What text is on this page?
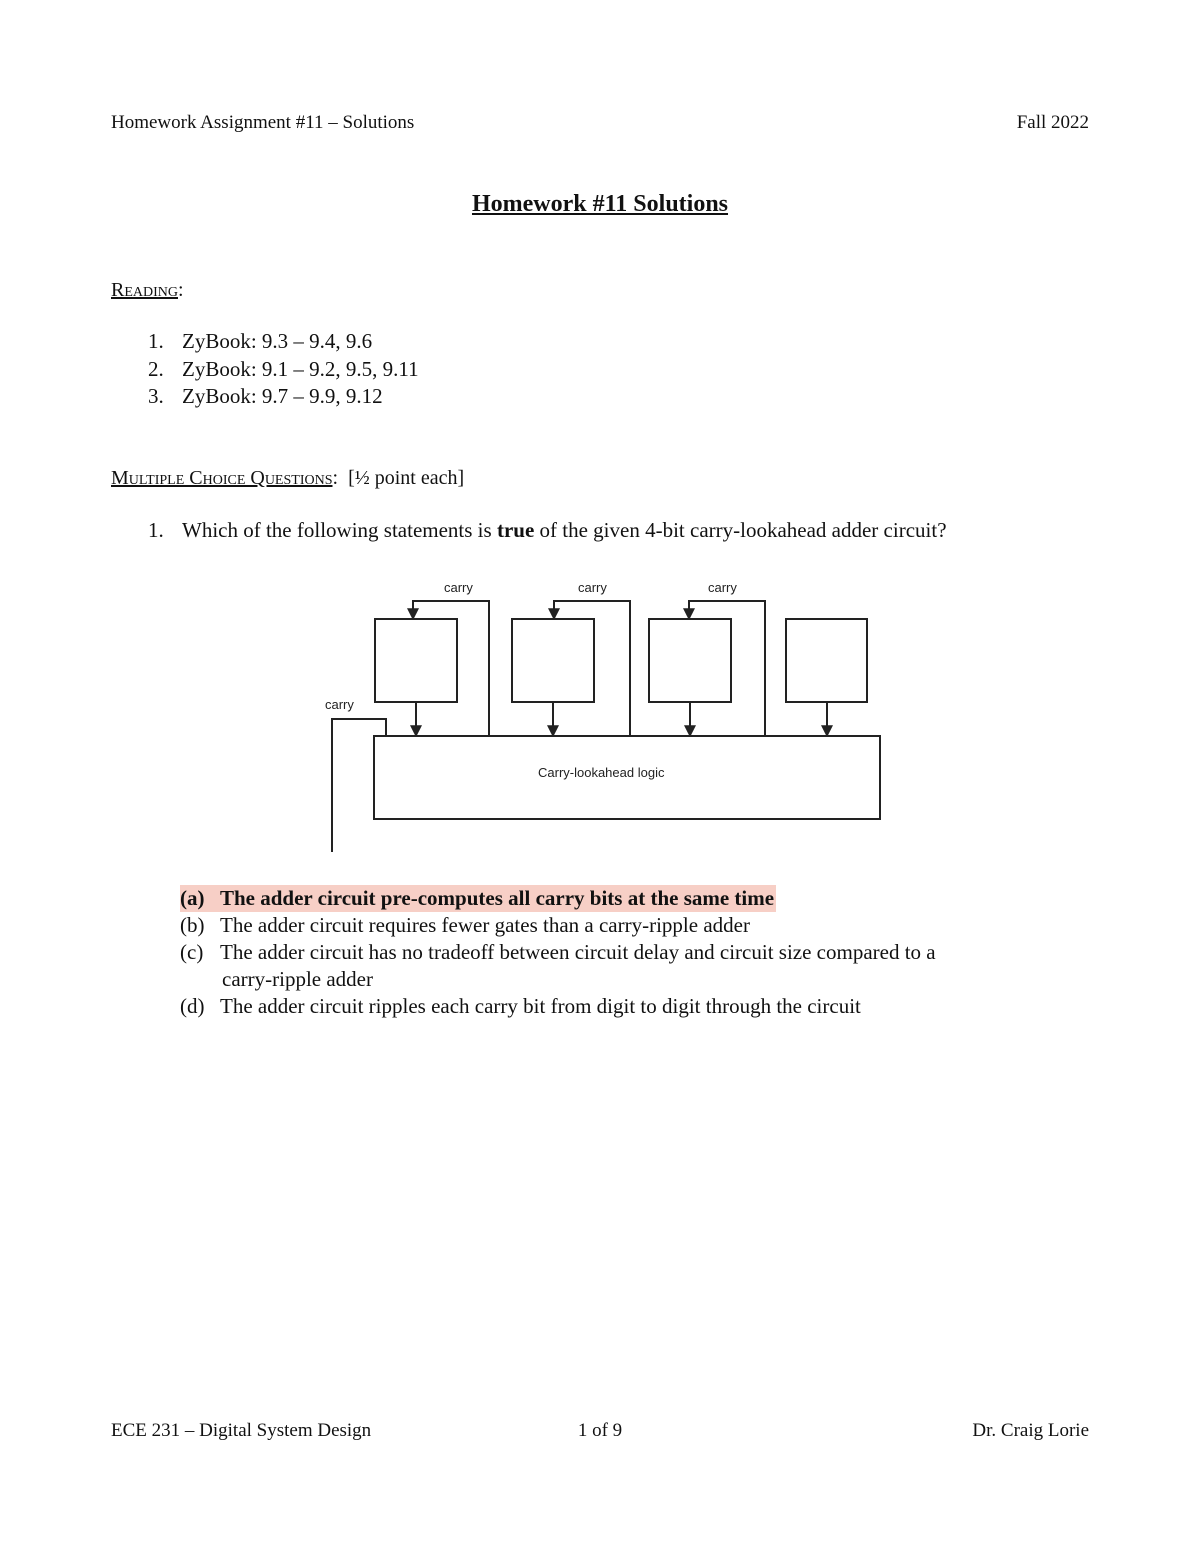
Homework Assignment #11 – Solutions	Fall 2022
Homework #11 Solutions
Reading:
1. ZyBook: 9.3 – 9.4, 9.6
2. ZyBook: 9.1 – 9.2, 9.5, 9.11
3. ZyBook: 9.7 – 9.9, 9.12
Multiple Choice Questions:  [½ point each]
1. Which of the following statements is true of the given 4-bit carry-lookahead adder circuit?
carry	carry	carry
carry
Carry-lookahead logic
(a) The adder circuit pre-computes all carry bits at the same time
(b) The adder circuit requires fewer gates than a carry-ripple adder
(c) The adder circuit has no tradeoff between circuit delay and circuit size compared to a
carry-ripple adder
(d) The adder circuit ripples each carry bit from digit to digit through the circuit
ECE 231 – Digital System Design	1 of 9	Dr. Craig Lorie
